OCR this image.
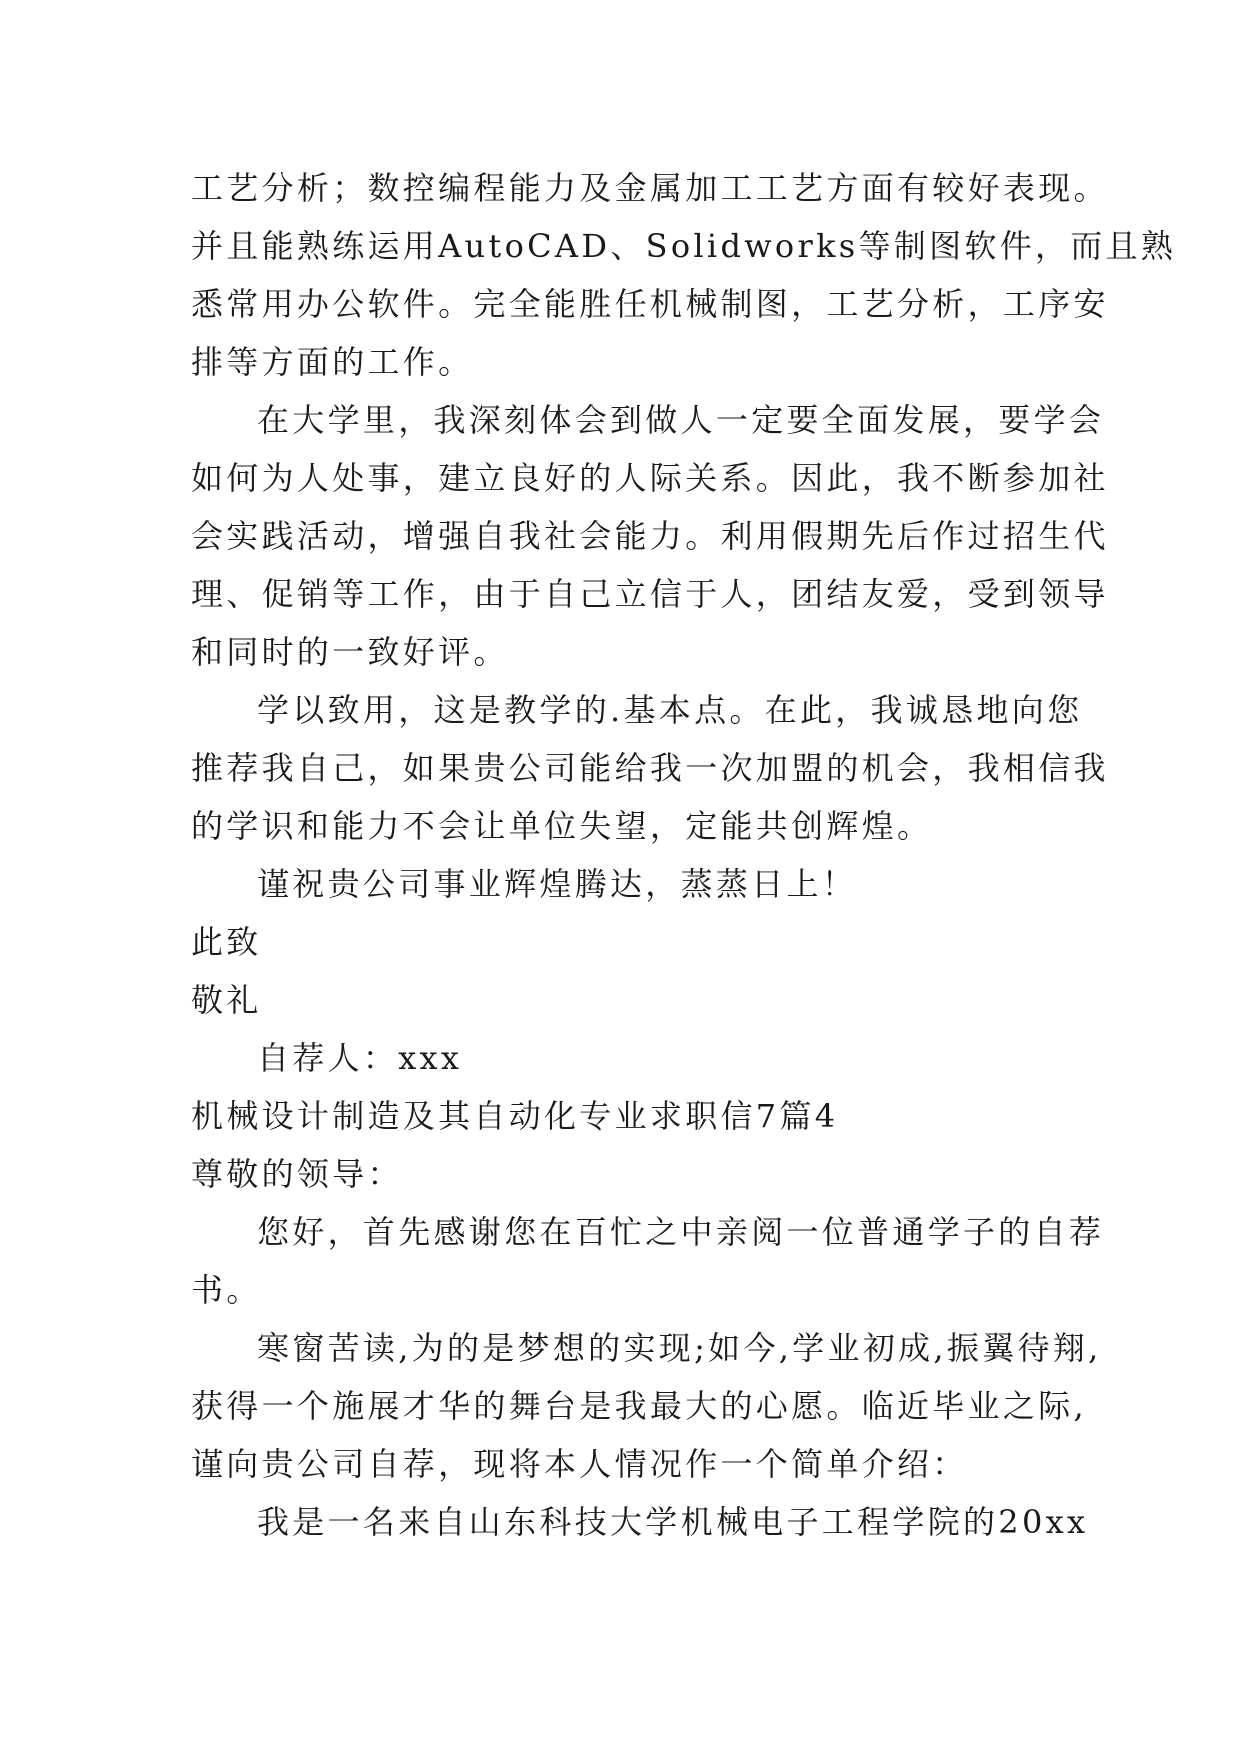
工艺分析；数控编程能力及金属加工工艺方面有较好表现。
并且能熟练运用AutoCAD、Solidworks等制图软件，而且熟
悉常用办公软件。完全能胜任机械制图，工艺分析，工序安
排等方面的工作。
在大学里，我深刻体会到做人一定要全面发展，要学会
如何为人处事，建立良好的人际关系。因此，我不断参加社
会实践活动，增强自我社会能力。利用假期先后作过招生代
理、促销等工作，由于自己立信于人，团结友爱，受到领导
和同时的一致好评。
学以致用，这是教学的.基本点。在此，我诚恳地向您
推荐我自己，如果贵公司能给我一次加盟的机会，我相信我
的学识和能力不会让单位失望，定能共创辉煌。
谨祝贵公司事业辉煌腾达，蒸蒸日上！
此致
敬礼
自荐人：xxx
机械设计制造及其自动化专业求职信7篇4
尊敬的领导：
您好，首先感谢您在百忙之中亲阅一位普通学子的自荐
书。
寒窗苦读,为的是梦想的实现;如今,学业初成,振翼待翔,
获得一个施展才华的舞台是我最大的心愿。临近毕业之际,
谨向贵公司自荐，现将本人情况作一个简单介绍：
我是一名来自山东科技大学机械电子工程学院的20xx
